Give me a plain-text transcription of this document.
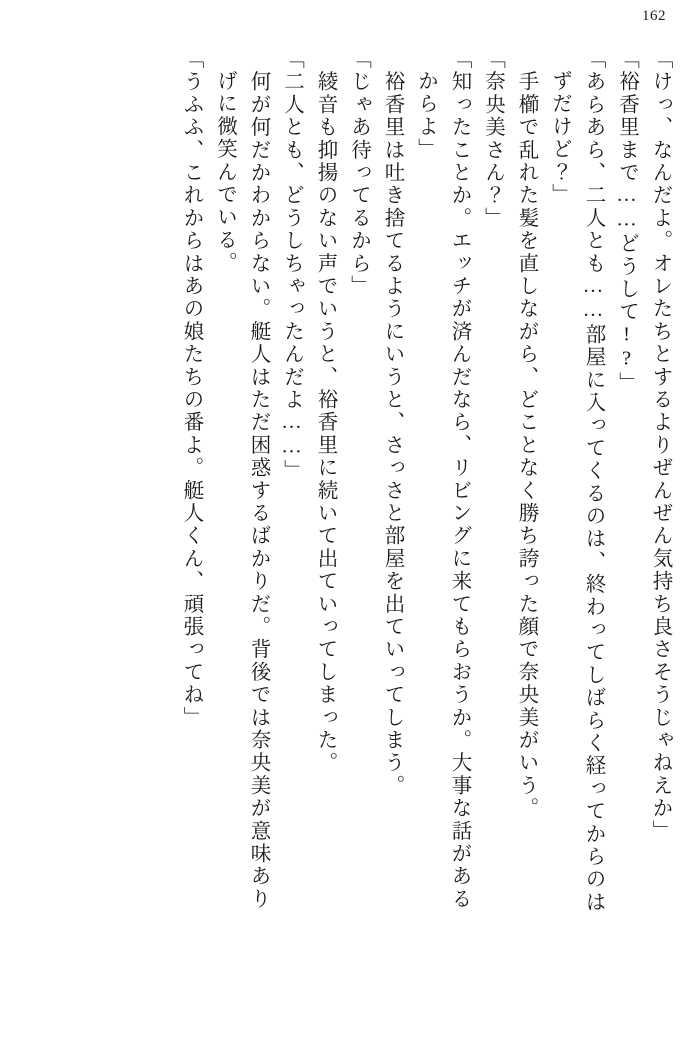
162
「けっ、なんだよ。オレたちとするよりぜんぜん気持ち良さそうじゃねえか」
「裕香里まで……どうして!?」
「あらあら、二人とも……部屋に入ってくるのは、終わってしばらく経ってからのは
ずだけど？」
　手櫛で乱れた髪を直しながら、どことなく勝ち誇った顔で奈央美がいう。
「奈央美さん？」
「知ったことか。エッチが済んだなら、リビングに来てもらおうか。大事な話がある
からよ」
　裕香里は吐き捨てるようにいうと、さっさと部屋を出ていってしまう。
「じゃあ待ってるから」
　綾音も抑揚のない声でいうと、裕香里に続いて出ていってしまった。
「二人とも、どうしちゃったんだよ……」
　何が何だかわからない。艇人はただ困惑するばかりだ。背後では奈央美が意味あり
げに微笑んでいる。
「うふふ、これからはあの娘たちの番よ。艇人くん、頑張ってね」
